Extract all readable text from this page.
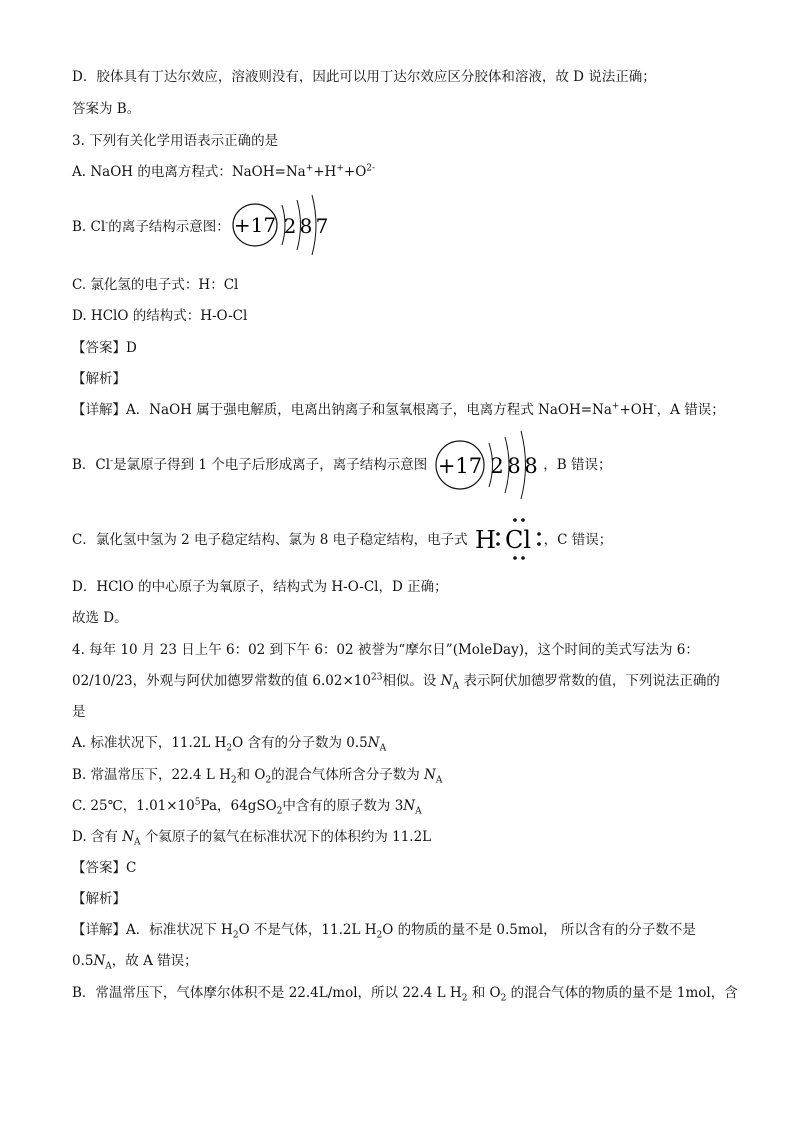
D．胶体具有丁达尔效应，溶液则没有，因此可以用丁达尔效应区分胶体和溶液，故 D 说法正确；
答案为 B。
3. 下列有关化学用语表示正确的是
A. NaOH 的电离方程式：$NaOH=Na^++H^++O^{2-}$
B. Cl-的离子结构示意图： +17 2 8 7
C. 氯化氢的电子式：H：Cl
D. HClO 的结构式：H-O-Cl
【答案】D
【解析】
【详解】A．NaOH 属于强电解质，电离出钠离子和氢氧根离子，电离方程式 NaOH=Na++OH-，A 错误；
B．Cl-是氯原子得到 1 个电子后形成离子，离子结构示意图	，B 错误；
+17 2 8 8
C．氯化氢中氢为 2 电子稳定结构、氯为 8 电子稳定结构，电子式	，C 错误；
H Cl
D．HClO 的中心原子为氧原子，结构式为 H-O-Cl，D 正确；
故选 D。
4. 每年 10 月 23 日上午 6：02 到下午 6：02 被誉为“摩尔日”(MoleDay)，这个时间的美式写法为 6：
02/10/23，外观与阿伏加德罗常数的值 $6.02\times 10^{23}$相似。设 $N_A$ 表示阿伏加德罗常数的值，下列说法正确的
是
A. 标准状况下，11.2L $H_2O$ 含有的分子数为 $0.5N_A$
B. 常温常压下，22.4 L $H_2$和 $O_2$的混合气体所含分子数为 $N_A$
C. 25℃，$1.01\times 10^5Pa$，64gSO$_2$中含有的原子数为 $3N_A$
D. 含有 $N_A$ 个氦原子的氦气在标准状况下的体积约为 11.2L
【答案】C
【解析】
【详解】A．标准状况下 $H_2O$ 不是气体，11.2L $H_2O$ 的物质的量不是 0.5mol， 所以含有的分子数不是
$0.5N_A$，故 A 错误；
B．常温常压下，气体摩尔体积不是 22.4L/mol，所以 22.4 L $H_2$ 和 $O_2$ 的混合气体的物质的量不是 1mol，含
